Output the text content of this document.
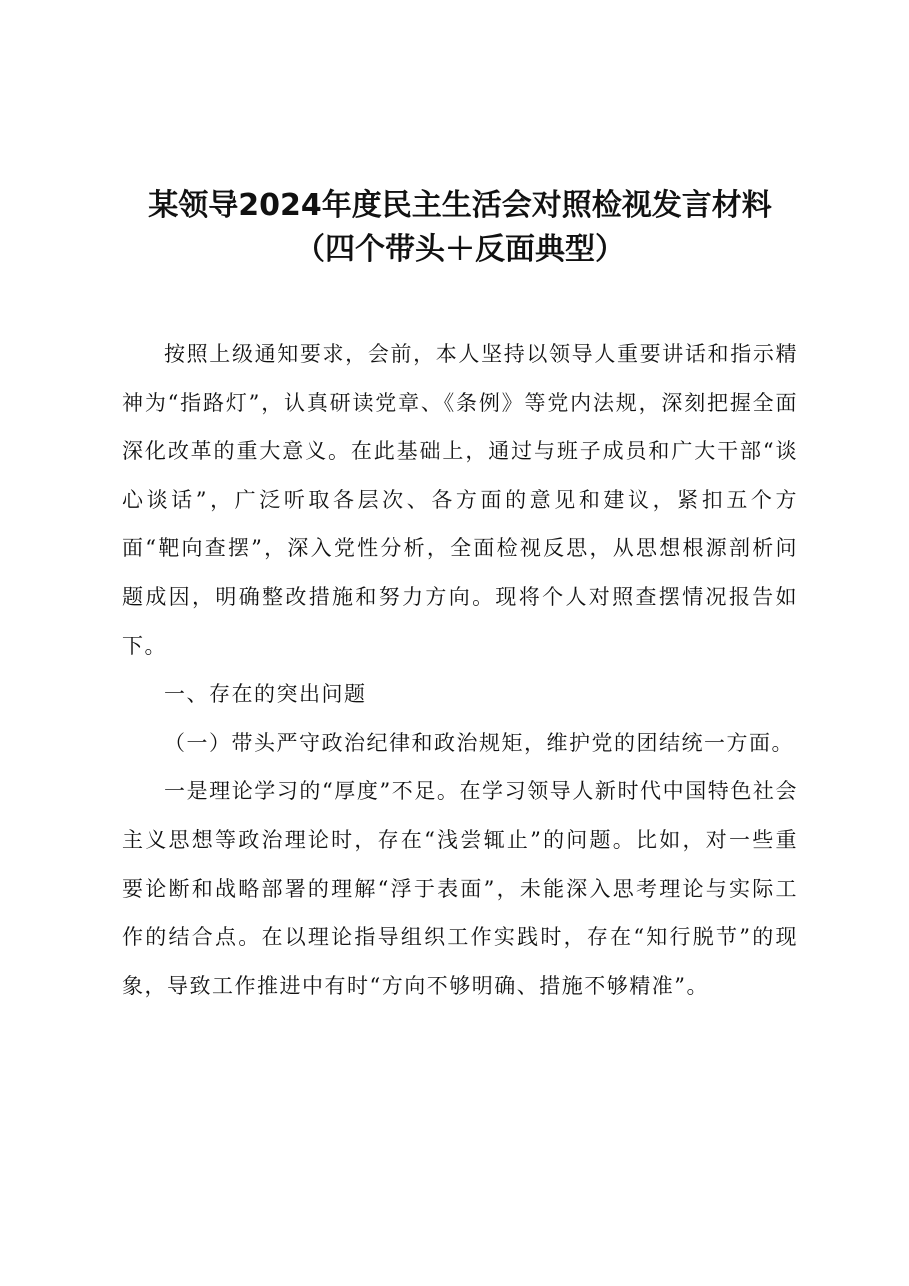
某领导2024年度民主生活会对照检视发言材料
（四个带头＋反面典型）

按照上级通知要求，会前，本人坚持以领导人重要讲话和指示精神为“指路灯”，认真研读党章、《条例》等党内法规，深刻把握全面深化改革的重大意义。在此基础上，通过与班子成员和广大干部“谈心谈话”，广泛听取各层次、各方面的意见和建议，紧扣五个方面“靶向查摆”，深入党性分析，全面检视反思，从思想根源剖析问题成因，明确整改措施和努力方向。现将个人对照查摆情况报告如下。

一、存在的突出问题

（一）带头严守政治纪律和政治规矩，维护党的团结统一方面。

一是理论学习的“厚度”不足。在学习领导人新时代中国特色社会主义思想等政治理论时，存在“浅尝辄止”的问题。比如，对一些重要论断和战略部署的理解“浮于表面”，未能深入思考理论与实际工作的结合点。在以理论指导组织工作实践时，存在“知行脱节”的现象，导致工作推进中有时“方向不够明确、措施不够精准”。
